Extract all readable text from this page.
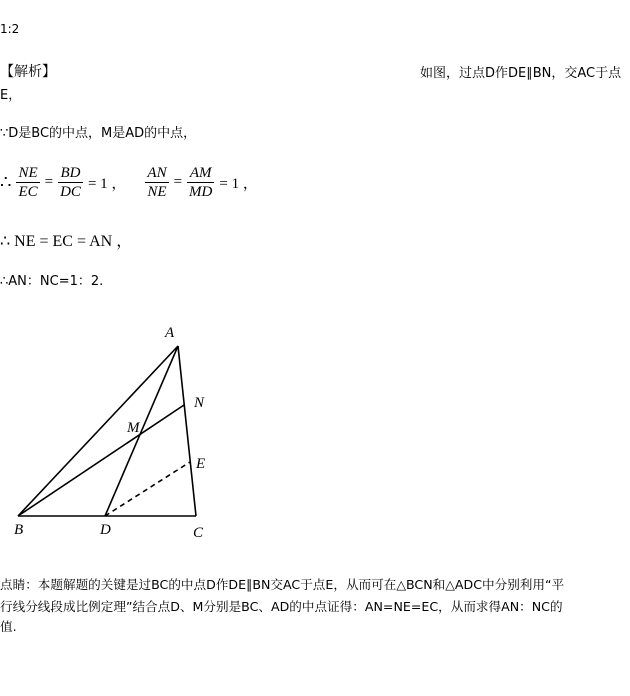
1:2
【解析】	如图，过点D作DE∥BN，交AC于点
E，
∵D是BC的中点，M是AD的中点，
∴ $\frac{NE}{EC} = \frac{BD}{DC} = 1$ ， $\frac{AN}{NE} = \frac{AM}{MD} = 1$ ，
∴ NE = EC = AN ，
∴AN：NC=1：2.
A
N
M
E
B	D	C
点睛：本题解题的关键是过BC的中点D作DE∥BN交AC于点E，从而可在△BCN和△ADC中分别利用“平
行线分线段成比例定理”结合点D、M分别是BC、AD的中点证得：AN=NE=EC，从而求得AN：NC的
值.
